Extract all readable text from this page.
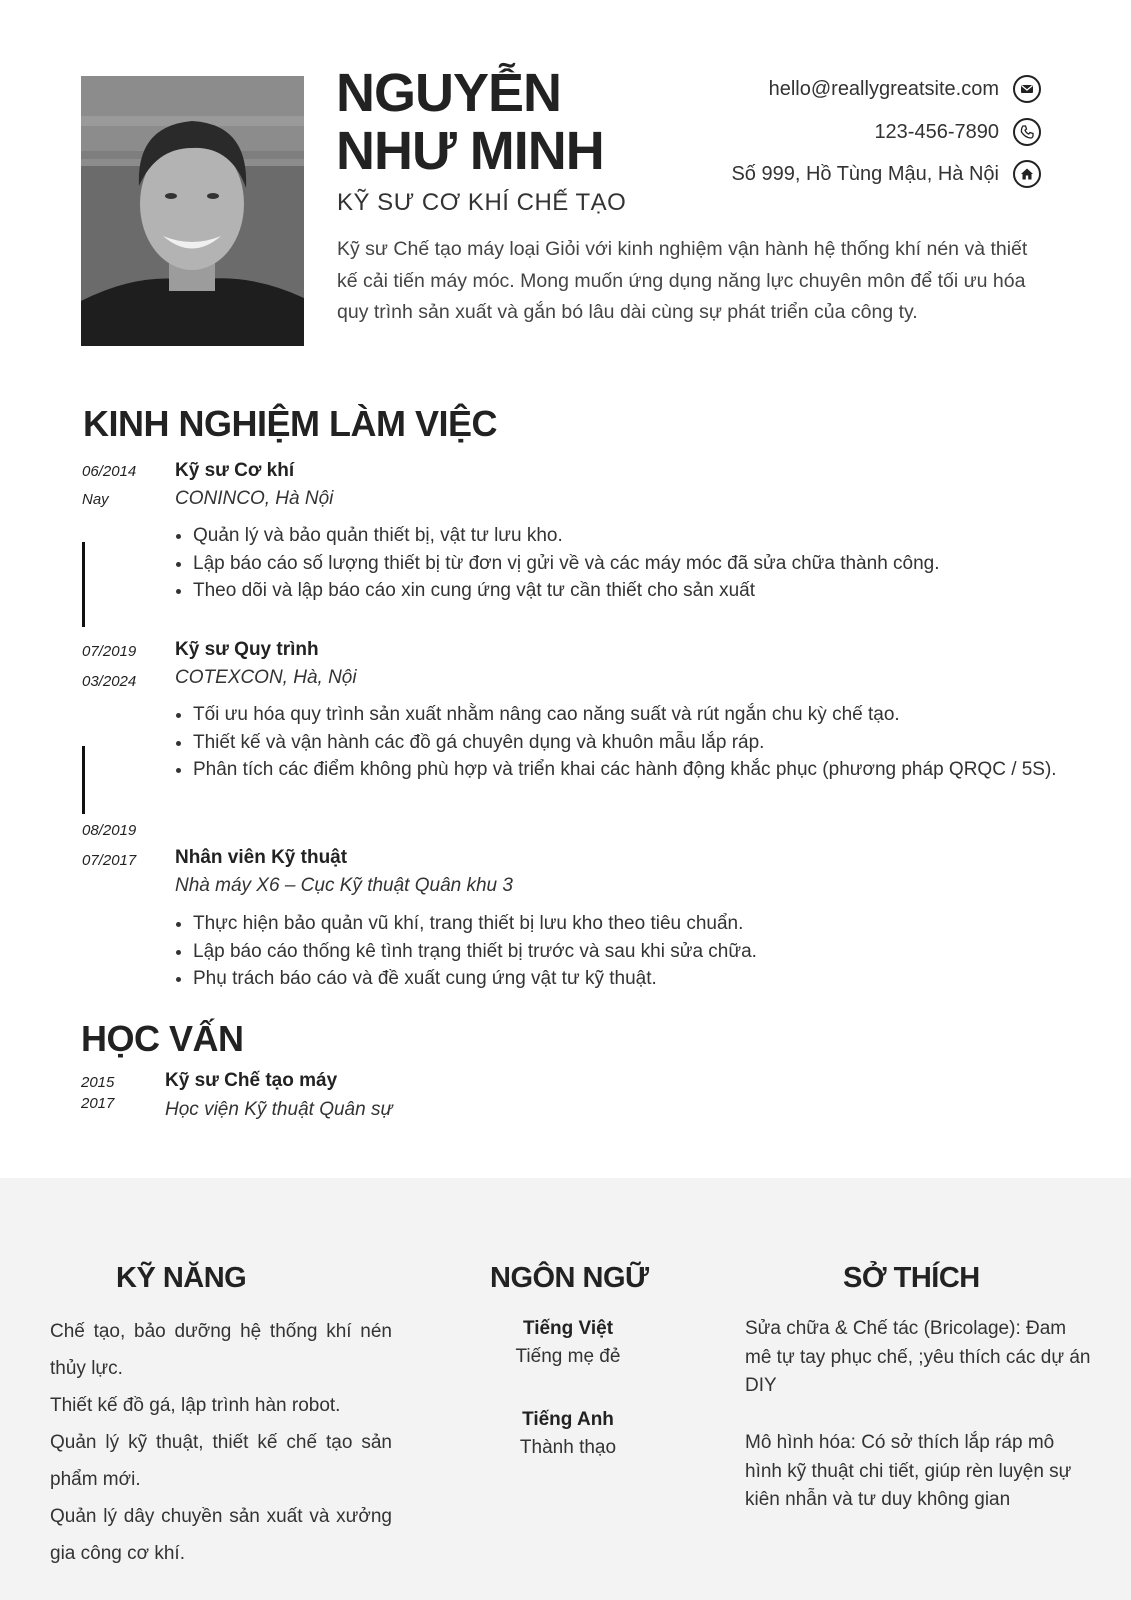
NGUYỄN
NHƯ MINH
KỸ SƯ CƠ KHÍ CHẾ TẠO
Kỹ sư Chế tạo máy loại Giỏi với kinh nghiệm vận hành hệ thống khí nén và thiết kế cải tiến máy móc. Mong muốn ứng dụng năng lực chuyên môn để tối ưu hóa quy trình sản xuất và gắn bó lâu dài cùng sự phát triển của công ty.
hello@reallygreatsite.com
123-456-7890
Số 999, Hồ Tùng Mậu, Hà Nội
KINH NGHIỆM LÀM VIỆC
06/2014
Nay
Kỹ sư Cơ khí
CONINCO, Hà Nội
• Quản lý và bảo quản thiết bị, vật tư lưu kho.
• Lập báo cáo số lượng thiết bị từ đơn vị gửi về và các máy móc đã sửa chữa thành công.
• Theo dõi và lập báo cáo xin cung ứng vật tư cần thiết cho sản xuất
07/2019
03/2024
Kỹ sư Quy trình
COTEXCON, Hà, Nội
• Tối ưu hóa quy trình sản xuất nhằm nâng cao năng suất và rút ngắn chu kỳ chế tạo.
• Thiết kế và vận hành các đồ gá chuyên dụng và khuôn mẫu lắp ráp.
• Phân tích các điểm không phù hợp và triển khai các hành động khắc phục (phương pháp QRQC / 5S).
08/2019
07/2017	Nhân viên Kỹ thuật
Nhà máy X6 – Cục Kỹ thuật Quân khu 3
• Thực hiện bảo quản vũ khí, trang thiết bị lưu kho theo tiêu chuẩn.
• Lập báo cáo thống kê tình trạng thiết bị trước và sau khi sửa chữa.
• Phụ trách báo cáo và đề xuất cung ứng vật tư kỹ thuật.
HỌC VẤN
2015
2017
Kỹ sư Chế tạo máy
Học viện Kỹ thuật Quân sự
KỸ NĂNG
Chế tạo, bảo dưỡng hệ thống khí nén thủy lực.
Thiết kế đồ gá, lập trình hàn robot.
Quản lý kỹ thuật, thiết kế chế tạo sản phẩm mới.
Quản lý dây chuyền sản xuất và xưởng gia công cơ khí.
NGÔN NGỮ
Tiếng Việt
Tiếng mẹ đẻ
Tiếng Anh
Thành thạo
SỞ THÍCH
Sửa chữa & Chế tác (Bricolage): Đam mê tự tay phục chế, ;yêu thích các dự án DIY
Mô hình hóa: Có sở thích lắp ráp mô hình kỹ thuật chi tiết, giúp rèn luyện sự kiên nhẫn và tư duy không gian
